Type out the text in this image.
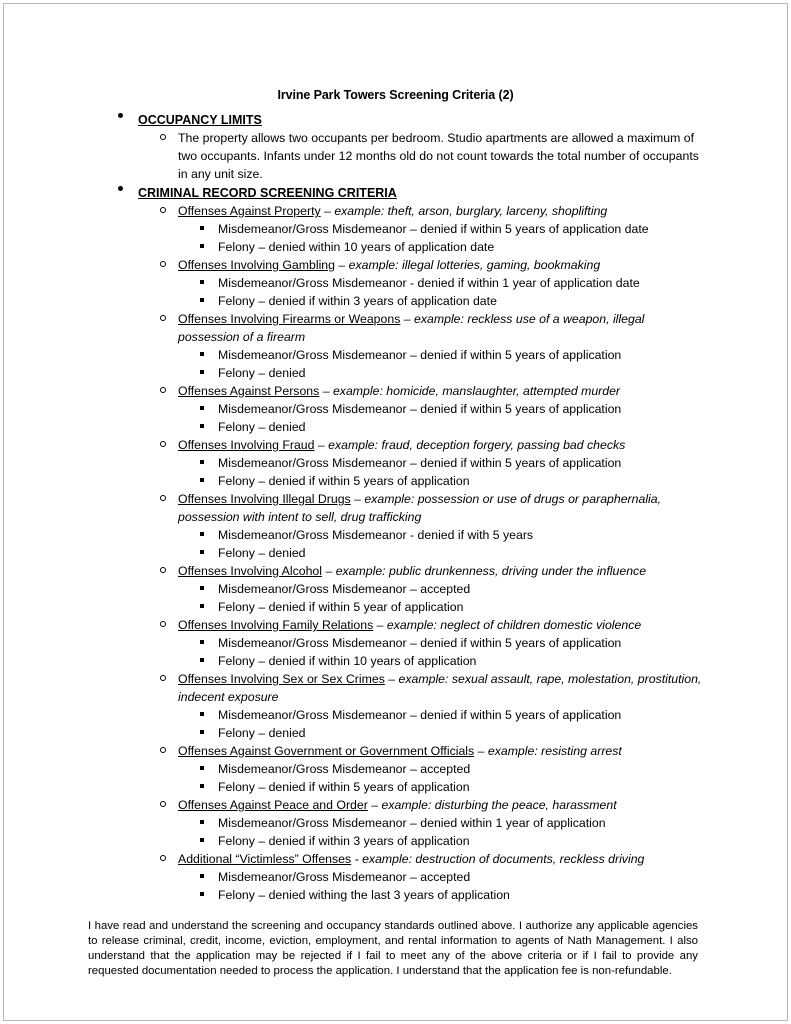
Irvine Park Towers Screening Criteria (2)
OCCUPANCY LIMITS
The property allows two occupants per bedroom. Studio apartments are allowed a maximum of two occupants. Infants under 12 months old do not count towards the total number of occupants in any unit size.
CRIMINAL RECORD SCREENING CRITERIA
Offenses Against Property – example: theft, arson, burglary, larceny, shoplifting
Misdemeanor/Gross Misdemeanor – denied if within 5 years of application date
Felony – denied within 10 years of application date
Offenses Involving Gambling – example: illegal lotteries, gaming, bookmaking
Misdemeanor/Gross Misdemeanor - denied if within 1 year of application date
Felony – denied if within 3 years of application date
Offenses Involving Firearms or Weapons – example: reckless use of a weapon, illegal possession of a firearm
Misdemeanor/Gross Misdemeanor – denied if within 5 years of application
Felony – denied
Offenses Against Persons – example: homicide, manslaughter, attempted murder
Misdemeanor/Gross Misdemeanor – denied if within 5 years of application
Felony – denied
Offenses Involving Fraud – example: fraud, deception forgery, passing bad checks
Misdemeanor/Gross Misdemeanor – denied if within 5 years of application
Felony – denied if within 5 years of application
Offenses Involving Illegal Drugs – example: possession or use of drugs or paraphernalia, possession with intent to sell, drug trafficking
Misdemeanor/Gross Misdemeanor - denied if with 5 years
Felony – denied
Offenses Involving Alcohol – example: public drunkenness, driving under the influence
Misdemeanor/Gross Misdemeanor – accepted
Felony – denied if within 5 year of application
Offenses Involving Family Relations – example: neglect of children domestic violence
Misdemeanor/Gross Misdemeanor – denied if within 5 years of application
Felony – denied if within 10 years of application
Offenses Involving Sex or Sex Crimes – example: sexual assault, rape, molestation, prostitution, indecent exposure
Misdemeanor/Gross Misdemeanor – denied if within 5 years of application
Felony – denied
Offenses Against Government or Government Officials – example: resisting arrest
Misdemeanor/Gross Misdemeanor – accepted
Felony – denied if within 5 years of application
Offenses Against Peace and Order – example: disturbing the peace, harassment
Misdemeanor/Gross Misdemeanor – denied within 1 year of application
Felony – denied if within 3 years of application
Additional “Victimless” Offenses - example: destruction of documents, reckless driving
Misdemeanor/Gross Misdemeanor – accepted
Felony – denied withing the last 3 years of application
I have read and understand the screening and occupancy standards outlined above. I authorize any applicable agencies to release criminal, credit, income, eviction, employment, and rental information to agents of Nath Management. I also understand that the application may be rejected if I fail to meet any of the above criteria or if I fail to provide any requested documentation needed to process the application. I understand that the application fee is non-refundable.
